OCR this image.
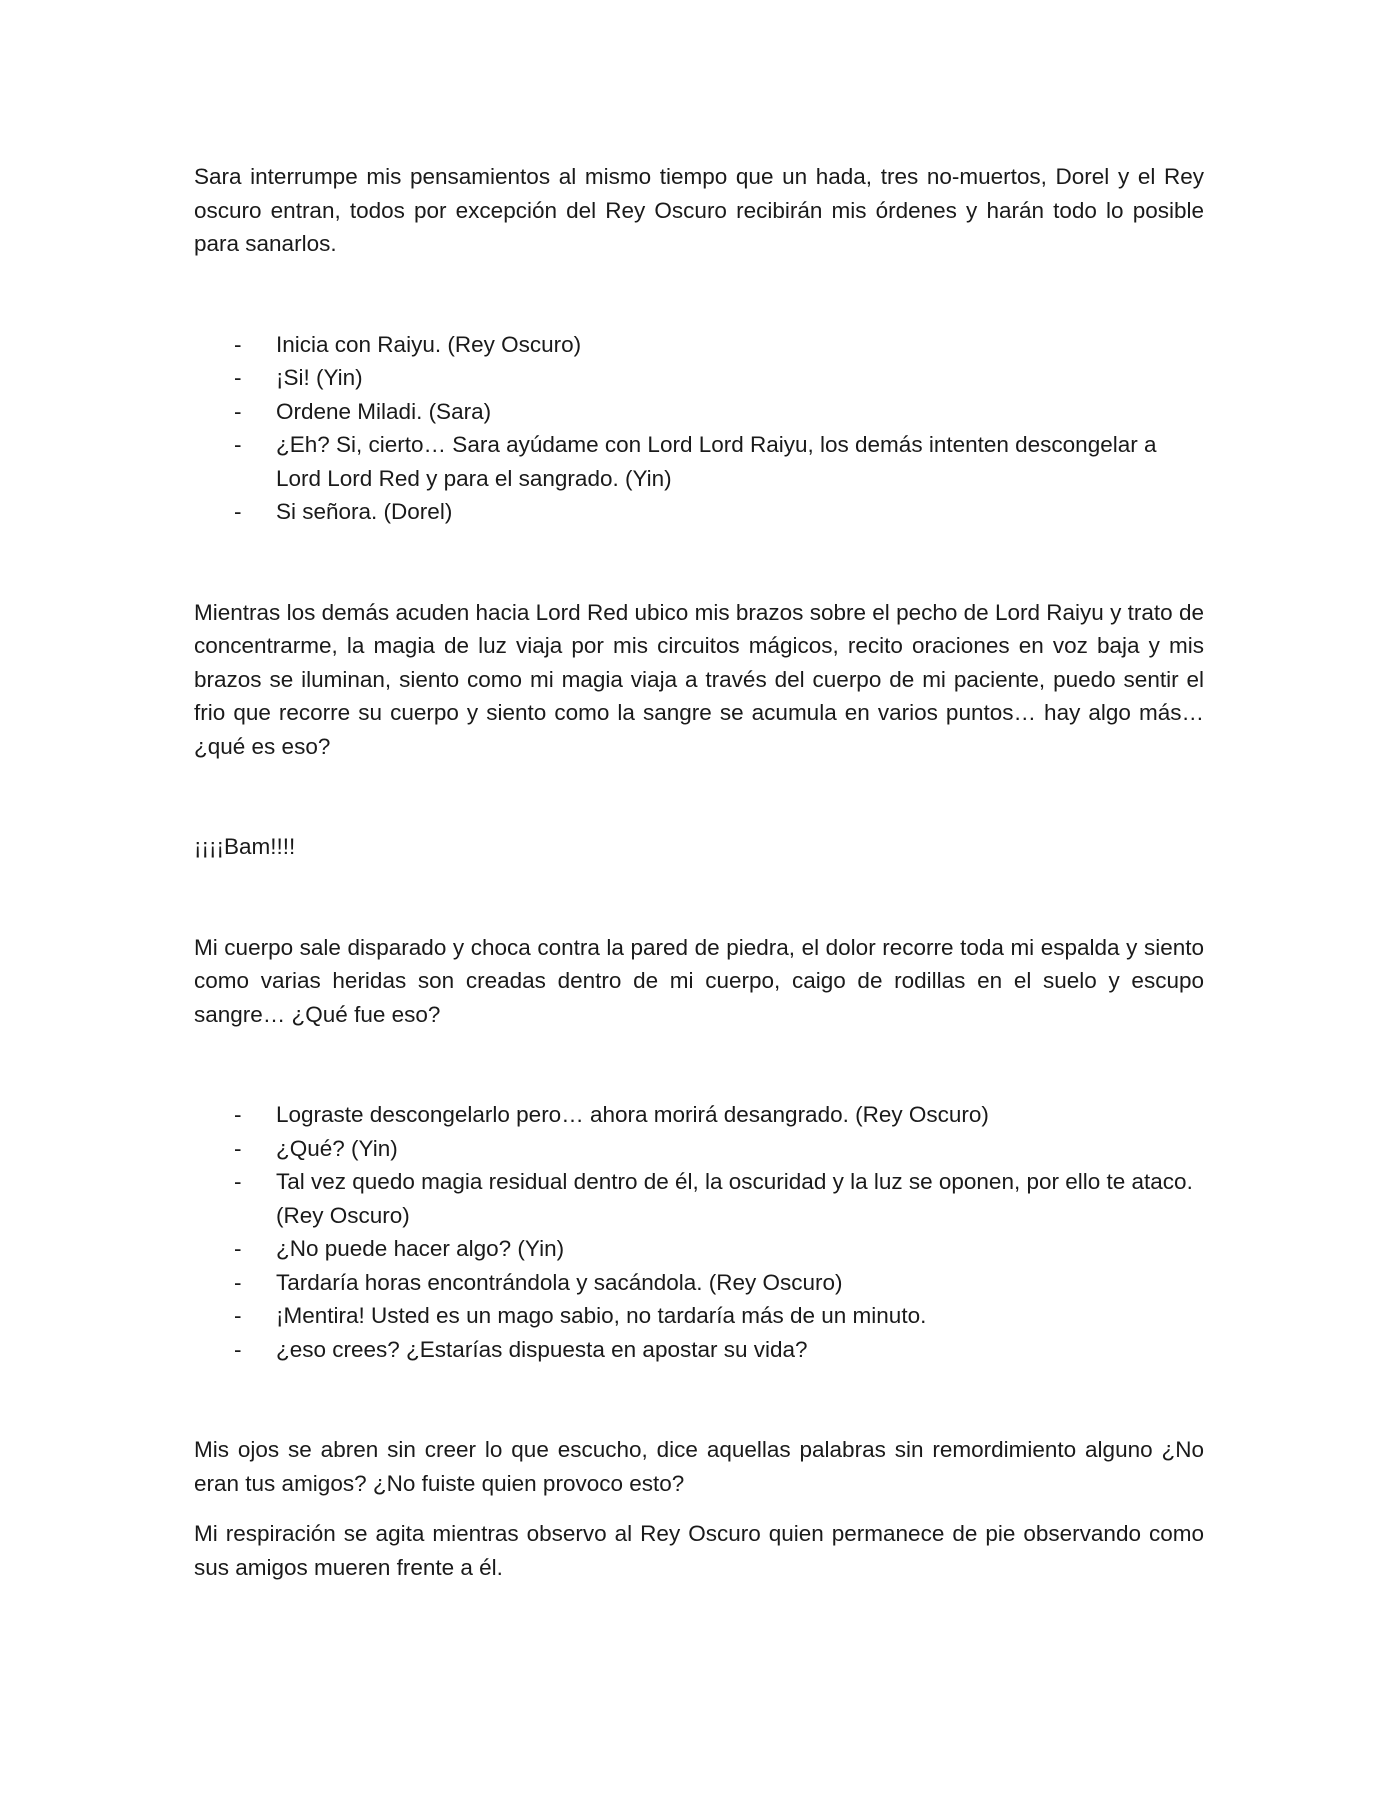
Sara interrumpe mis pensamientos al mismo tiempo que un hada, tres no-muertos, Dorel y el Rey oscuro entran, todos por excepción del Rey Oscuro recibirán mis órdenes y harán todo lo posible para sanarlos.

- Inicia con Raiyu. (Rey Oscuro)
- ¡Si! (Yin)
- Ordene Miladi. (Sara)
- ¿Eh? Si, cierto… Sara ayúdame con Lord Lord Raiyu, los demás intenten descongelar a Lord Lord Red y para el sangrado. (Yin)
- Si señora. (Dorel)

Mientras los demás acuden hacia Lord Red ubico mis brazos sobre el pecho de Lord Raiyu y trato de concentrarme, la magia de luz viaja por mis circuitos mágicos, recito oraciones en voz baja y mis brazos se iluminan, siento como mi magia viaja a través del cuerpo de mi paciente, puedo sentir el frio que recorre su cuerpo y siento como la sangre se acumula en varios puntos… hay algo más… ¿qué es eso?

¡¡¡¡Bam!!!!

Mi cuerpo sale disparado y choca contra la pared de piedra, el dolor recorre toda mi espalda y siento como varias heridas son creadas dentro de mi cuerpo, caigo de rodillas en el suelo y escupo sangre… ¿Qué fue eso?

- Lograste descongelarlo pero… ahora morirá desangrado. (Rey Oscuro)
- ¿Qué? (Yin)
- Tal vez quedo magia residual dentro de él, la oscuridad y la luz se oponen, por ello te ataco. (Rey Oscuro)
- ¿No puede hacer algo? (Yin)
- Tardaría horas encontrándola y sacándola. (Rey Oscuro)
- ¡Mentira! Usted es un mago sabio, no tardaría más de un minuto.
- ¿eso crees? ¿Estarías dispuesta en apostar su vida?

Mis ojos se abren sin creer lo que escucho, dice aquellas palabras sin remordimiento alguno ¿No eran tus amigos? ¿No fuiste quien provoco esto?

Mi respiración se agita mientras observo al Rey Oscuro quien permanece de pie observando como sus amigos mueren frente a él.
